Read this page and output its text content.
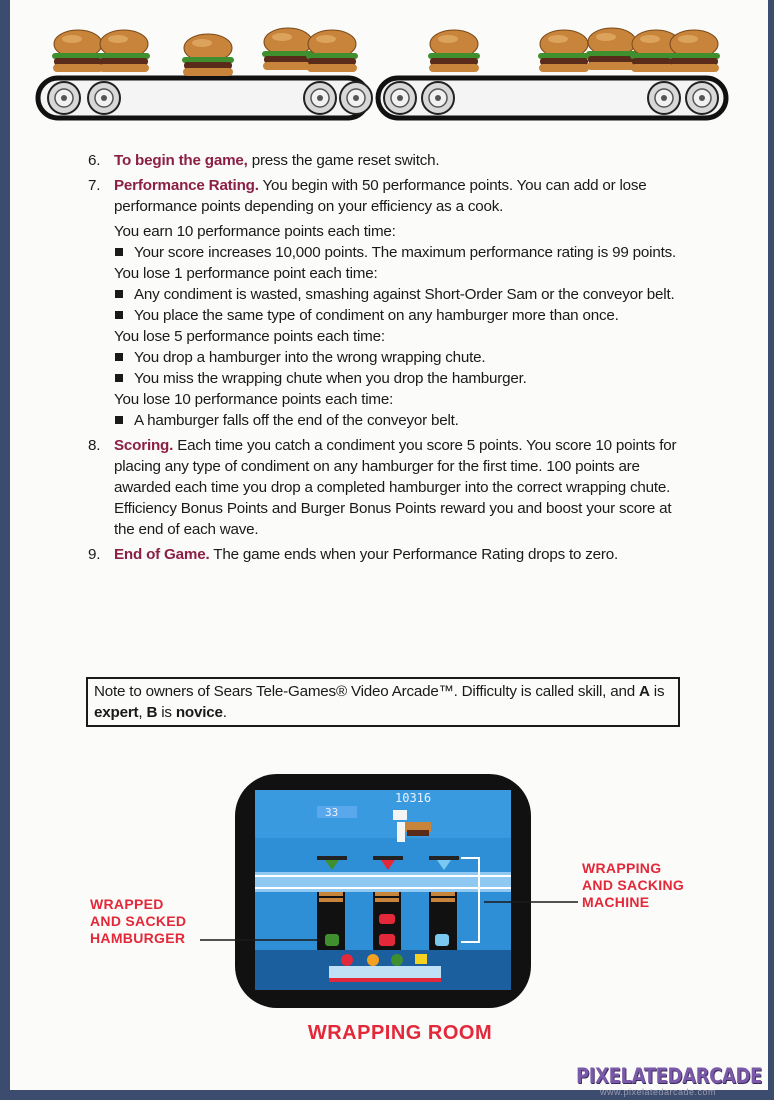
6. To begin the game, press the game reset switch.
7. Performance Rating. You begin with 50 performance points. You can add or lose performance points depending on your efficiency as a cook.

You earn 10 performance points each time:

Your score increases 10,000 points. The maximum performance rating is 99 points.

You lose 1 performance point each time:

Any condiment is wasted, smashing against Short-Order Sam or the conveyor belt.

You place the same type of condiment on any hamburger more than once.

You lose 5 performance points each time:

You drop a hamburger into the wrong wrapping chute.

You miss the wrapping chute when you drop the hamburger.

You lose 10 performance points each time:

A hamburger falls off the end of the conveyor belt.

8. Scoring. Each time you catch a condiment you score 5 points. You score 10 points for placing any type of condiment on any hamburger for the first time. 100 points are awarded each time you drop a completed hamburger into the correct wrapping chute. Efficiency Bonus Points and Burger Bonus Points reward you and boost your score at the end of each wave.
9. End of Game. The game ends when your Performance Rating drops to zero.
Note to owners of Sears Tele-Games® Video Arcade™. Difficulty is called skill, and A is expert, B is novice.
33
10316
WRAPPED
AND SACKED
HAMBURGER
WRAPPING
AND SACKING
MACHINE
WRAPPING ROOM
PIXELATEDARCADE
www.pixelatedarcade.com
